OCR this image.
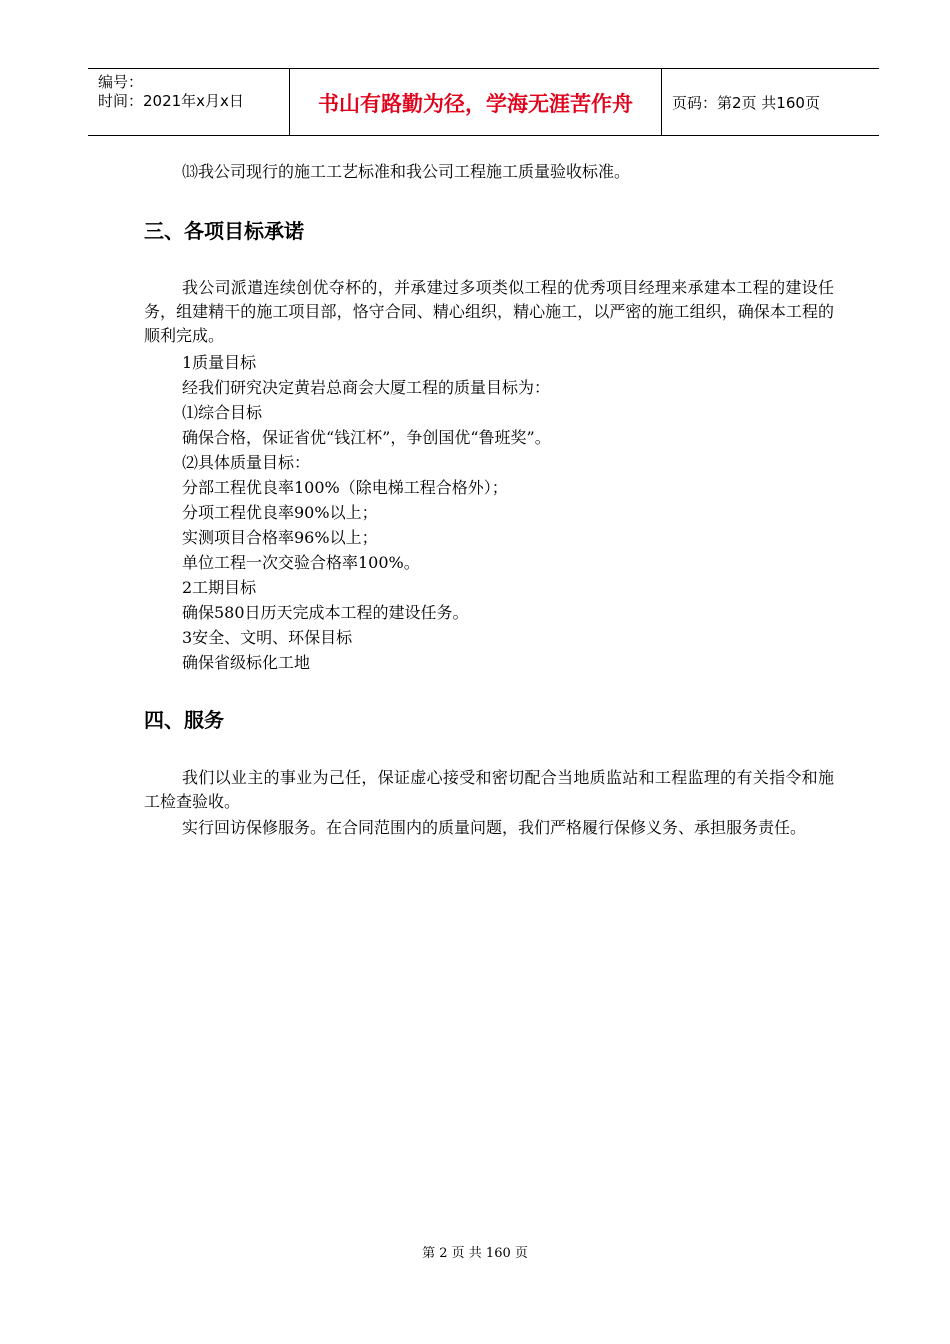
编号：
时间：2021年x月x日	书山有路勤为径，学海无涯苦作舟	页码：第2页 共160页
⒀我公司现行的施工工艺标准和我公司工程施工质量验收标准。
三、各项目标承诺
我公司派遣连续创优夺杯的，并承建过多项类似工程的优秀项目经理来承建本工程的建设任务，组建精干的施工项目部，恪守合同、精心组织，精心施工，以严密的施工组织，确保本工程的顺利完成。
1质量目标
经我们研究决定黄岩总商会大厦工程的质量目标为：
⑴综合目标
确保合格，保证省优“钱江杯”，争创国优“鲁班奖”。
⑵具体质量目标：
分部工程优良率100%（除电梯工程合格外）；
分项工程优良率90%以上；
实测项目合格率96%以上；
单位工程一次交验合格率100%。
2工期目标
确保580日历天完成本工程的建设任务。
3安全、文明、环保目标
确保省级标化工地
四、服务
我们以业主的事业为己任，保证虚心接受和密切配合当地质监站和工程监理的有关指令和施工检查验收。
实行回访保修服务。在合同范围内的质量问题，我们严格履行保修义务、承担服务责任。
第 2 页 共 160 页
